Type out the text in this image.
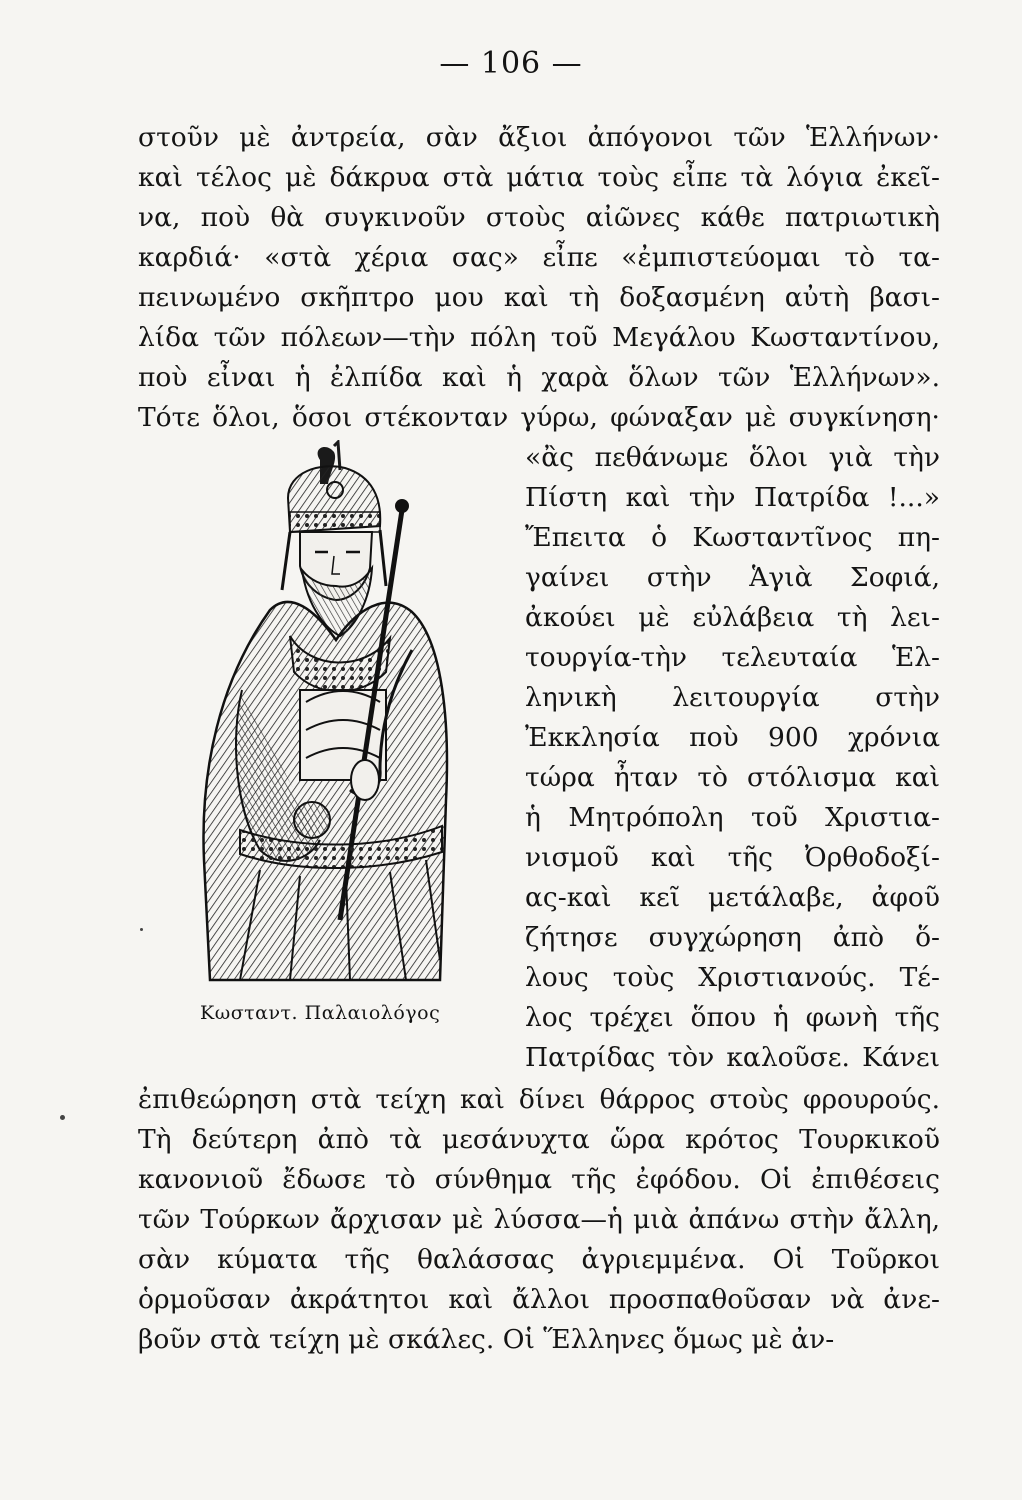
— 106 —
στοῦν μὲ ἀντρεία, σὰν ἄξιοι ἀπόγονοι τῶν Ἑλλήνων·
καὶ τέλος μὲ δάκρυα στὰ μάτια τοὺς εἶπε τὰ λόγια ἐκεῖ-
να, ποὺ θὰ συγκινοῦν στοὺς αἰῶνες κάθε πατριωτικὴ
καρδιά· «στὰ χέρια σας» εἶπε «ἐμπιστεύομαι τὸ τα-
πεινωμένο σκῆπτρο μου καὶ τὴ δοξασμένη αὐτὴ βασι-
λίδα τῶν πόλεων—τὴν πόλη τοῦ Μεγάλου Κωσταντίνου,
ποὺ εἶναι ἡ ἐλπίδα καὶ ἡ χαρὰ ὅλων τῶν Ἑλλήνων».
Τότε ὅλοι, ὅσοι στέκονταν γύρω, φώναξαν μὲ συγκίνηση·
«ἂς πεθάνωμε ὅλοι γιὰ τὴν
Πίστη καὶ τὴν Πατρίδα !...»
Ἔπειτα ὁ Κωσταντῖνος πη-
γαίνει στὴν Ἁγιὰ Σοφιά,
ἀκούει μὲ εὐλάβεια τὴ λει-
τουργία-τὴν τελευταία Ἑλ-
ληνικὴ λειτουργία στὴν
Ἐκκλησία ποὺ 900 χρόνια
τώρα ἦταν τὸ στόλισμα καὶ
ἡ Μητρόπολη τοῦ Χριστια-
νισμοῦ καὶ τῆς Ὀρθοδοξί-
ας-καὶ κεῖ μετάλαβε, ἀφοῦ
ζήτησε συγχώρηση ἀπὸ ὅ-
λους τοὺς Χριστιανούς. Τέ-
λος τρέχει ὅπου ἡ φωνὴ τῆς
Πατρίδας τὸν καλοῦσε. Κάνει
ἐπιθεώρηση στὰ τείχη καὶ δίνει θάρρος στοὺς φρουρούς.
Τὴ δεύτερη ἀπὸ τὰ μεσάνυχτα ὥρα κρότος Τουρκικοῦ
κανονιοῦ ἔδωσε τὸ σύνθημα τῆς ἐφόδου. Οἱ ἐπιθέσεις
τῶν Τούρκων ἄρχισαν μὲ λύσσα—ἡ μιὰ ἀπάνω στὴν ἄλλη,
σὰν κύματα τῆς θαλάσσας ἀγριεμμένα. Οἱ Τοῦρκοι
ὁρμοῦσαν ἀκράτητοι καὶ ἄλλοι προσπαθοῦσαν νὰ ἀνε-
βοῦν στὰ τείχη μὲ σκάλες. Οἱ Ἕλληνες ὅμως μὲ ἀν-
Κωσταντ. Παλαιολόγος
